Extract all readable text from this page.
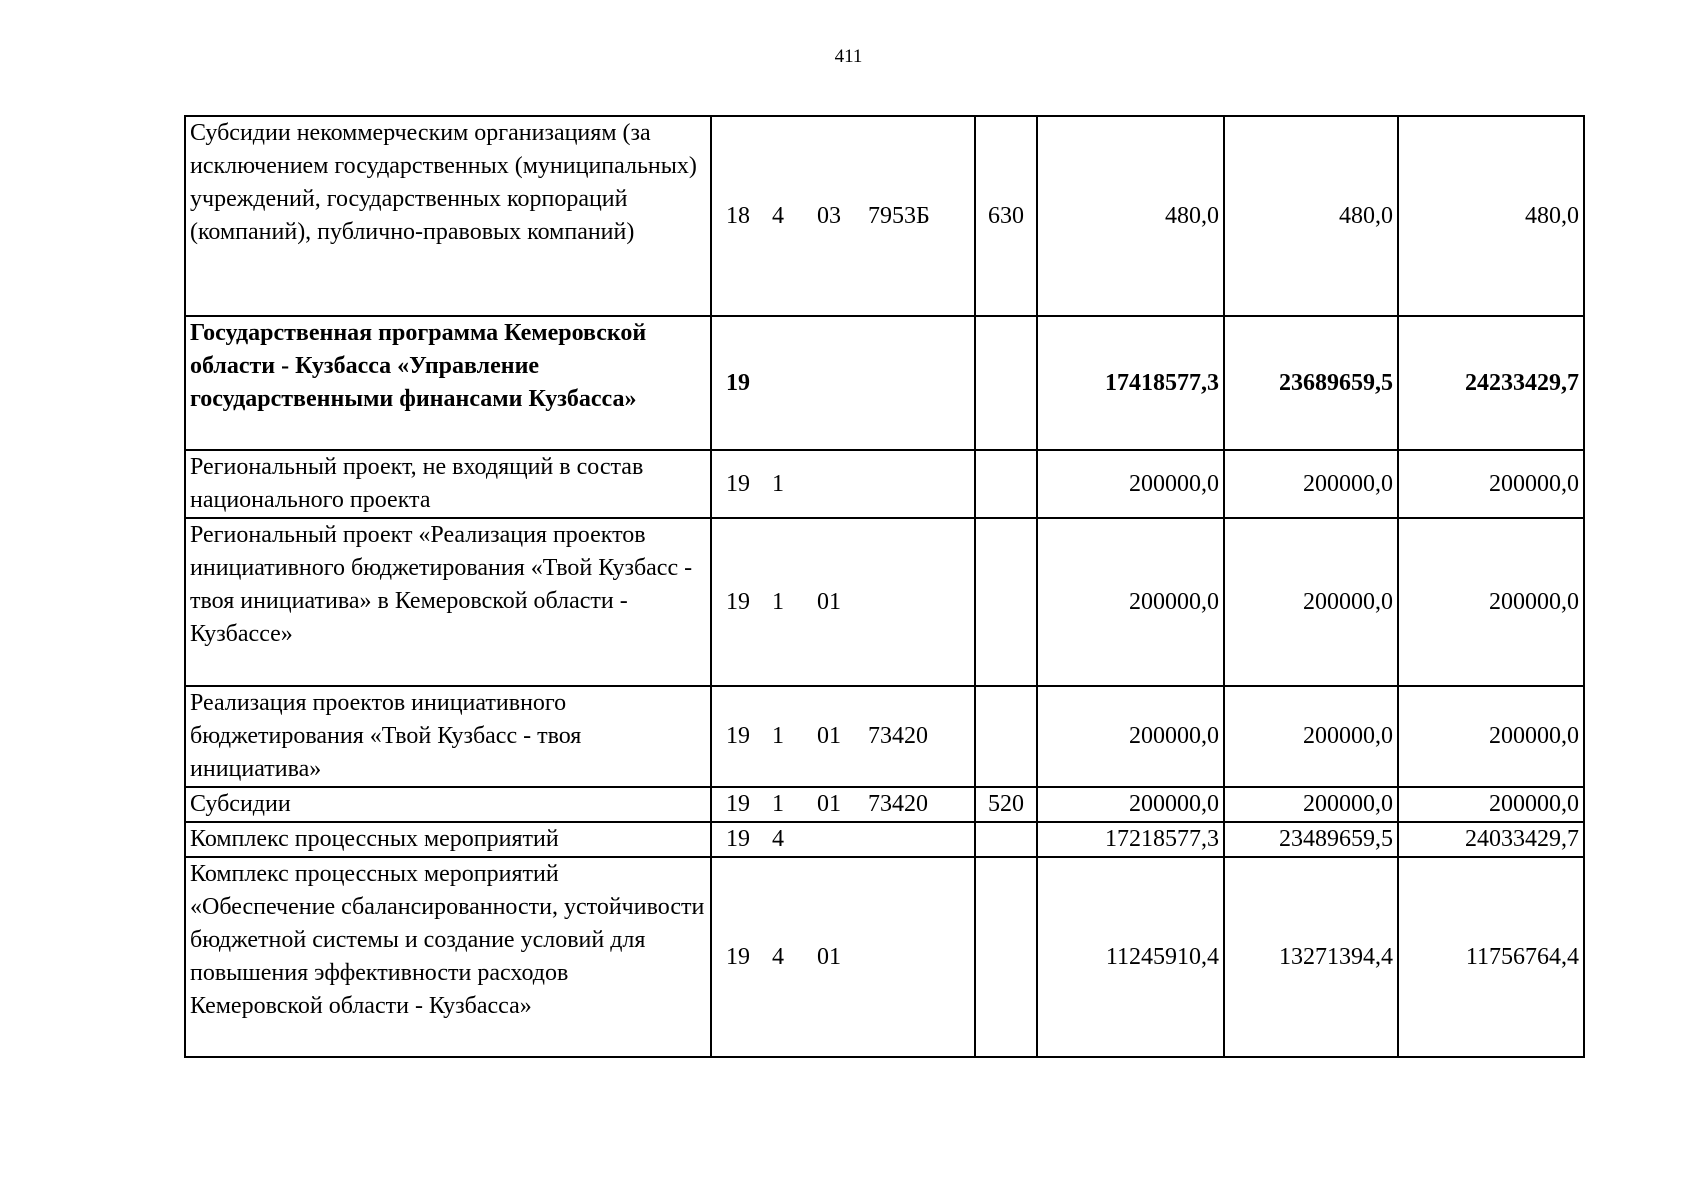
411
Субсидии некоммерческим организациям (за исключением государственных (муниципальных) учреждений, государственных корпораций (компаний), публично-правовых компаний)	18	4	03	7953Б	630	480,0	480,0	480,0
Государственная программа Кемеровской области - Кузбасса «Управление государственными финансами Кузбасса»	19					17418577,3	23689659,5	24233429,7
Региональный проект, не входящий в состав национального проекта	19	1				200000,0	200000,0	200000,0
Региональный проект «Реализация проектов инициативного бюджетирования «Твой Кузбасс - твоя инициатива» в Кемеровской области - Кузбассе»	19	1	01			200000,0	200000,0	200000,0
Реализация проектов инициативного бюджетирования «Твой Кузбасс - твоя инициатива»	19	1	01	73420		200000,0	200000,0	200000,0
Субсидии	19	1	01	73420	520	200000,0	200000,0	200000,0
Комплекс процессных мероприятий	19	4				17218577,3	23489659,5	24033429,7
Комплекс процессных мероприятий «Обеспечение сбалансированности, устойчивости бюджетной системы и создание условий для повышения эффективности расходов Кемеровской области - Кузбасса»	19	4	01			11245910,4	13271394,4	11756764,4
